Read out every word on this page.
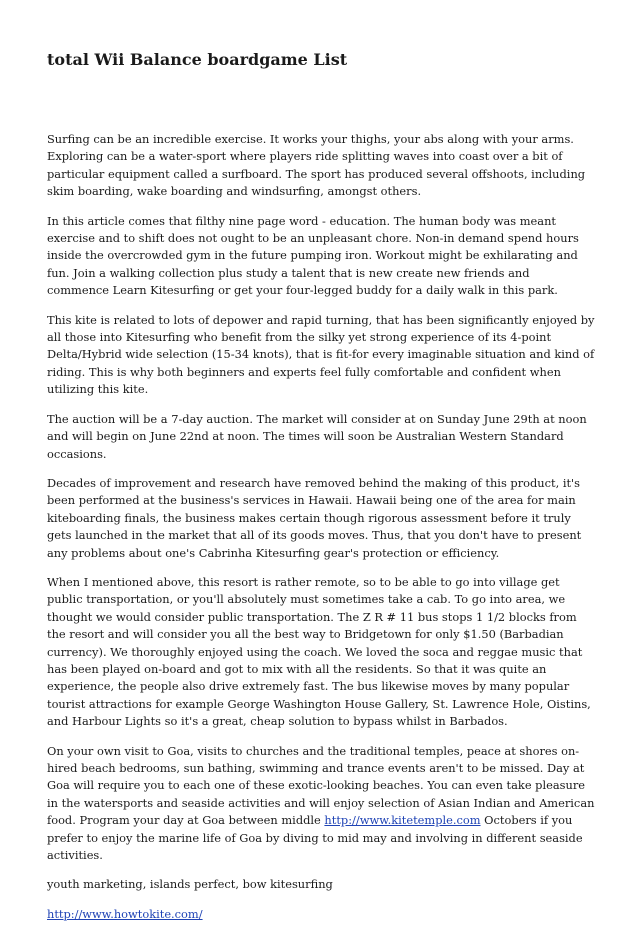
total Wii Balance boardgame List

Surfing can be an incredible exercise. It works your thighs, your abs along with your arms. Exploring can be a water-sport where players ride splitting waves into coast over a bit of particular equipment called a surfboard. The sport has produced several offshoots, including skim boarding, wake boarding and windsurfing, amongst others.

In this article comes that filthy nine page word - education. The human body was meant exercise and to shift does not ought to be an unpleasant chore. Non-in demand spend hours inside the overcrowded gym in the future pumping iron. Workout might be exhilarating and fun. Join a walking collection plus study a talent that is new create new friends and commence Learn Kitesurfing or get your four-legged buddy for a daily walk in this park.

This kite is related to lots of depower and rapid turning, that has been significantly enjoyed by all those into Kitesurfing who benefit from the silky yet strong experience of its 4-point Delta/Hybrid wide selection (15-34 knots), that is fit-for every imaginable situation and kind of riding. This is why both beginners and experts feel fully comfortable and confident when utilizing this kite.

The auction will be a 7-day auction. The market will consider at on Sunday June 29th at noon and will begin on June 22nd at noon. The times will soon be Australian Western Standard occasions.

Decades of improvement and research have removed behind the making of this product, it's been performed at the business's services in Hawaii. Hawaii being one of the area for main kiteboarding finals, the business makes certain though rigorous assessment before it truly gets launched in the market that all of its goods moves. Thus, that you don't have to present any problems about one's Cabrinha Kitesurfing gear's protection or efficiency.

When I mentioned above, this resort is rather remote, so to be able to go into village get public transportation, or you'll absolutely must sometimes take a cab. To go into area, we thought we would consider public transportation. The Z R # 11 bus stops 1 1/2 blocks from the resort and will consider you all the best way to Bridgetown for only $1.50 (Barbadian currency). We thoroughly enjoyed using the coach. We loved the soca and reggae music that has been played on-board and got to mix with all the residents. So that it was quite an experience, the people also drive extremely fast. The bus likewise moves by many popular tourist attractions for example George Washington House Gallery, St. Lawrence Hole, Oistins, and Harbour Lights so it's a great, cheap solution to bypass whilst in Barbados.

On your own visit to Goa, visits to churches and the traditional temples, peace at shores on-hired beach bedrooms, sun bathing, swimming and trance events aren't to be missed. Day at Goa will require you to each one of these exotic-looking beaches. You can even take pleasure in the watersports and seaside activities and will enjoy selection of Asian Indian and American food. Program your day at Goa between middle http://www.kitetemple.com Octobers if you prefer to enjoy the marine life of Goa by diving to mid may and involving in different seaside activities.

youth marketing, islands perfect, bow kitesurfing

http://www.howtokite.com/
